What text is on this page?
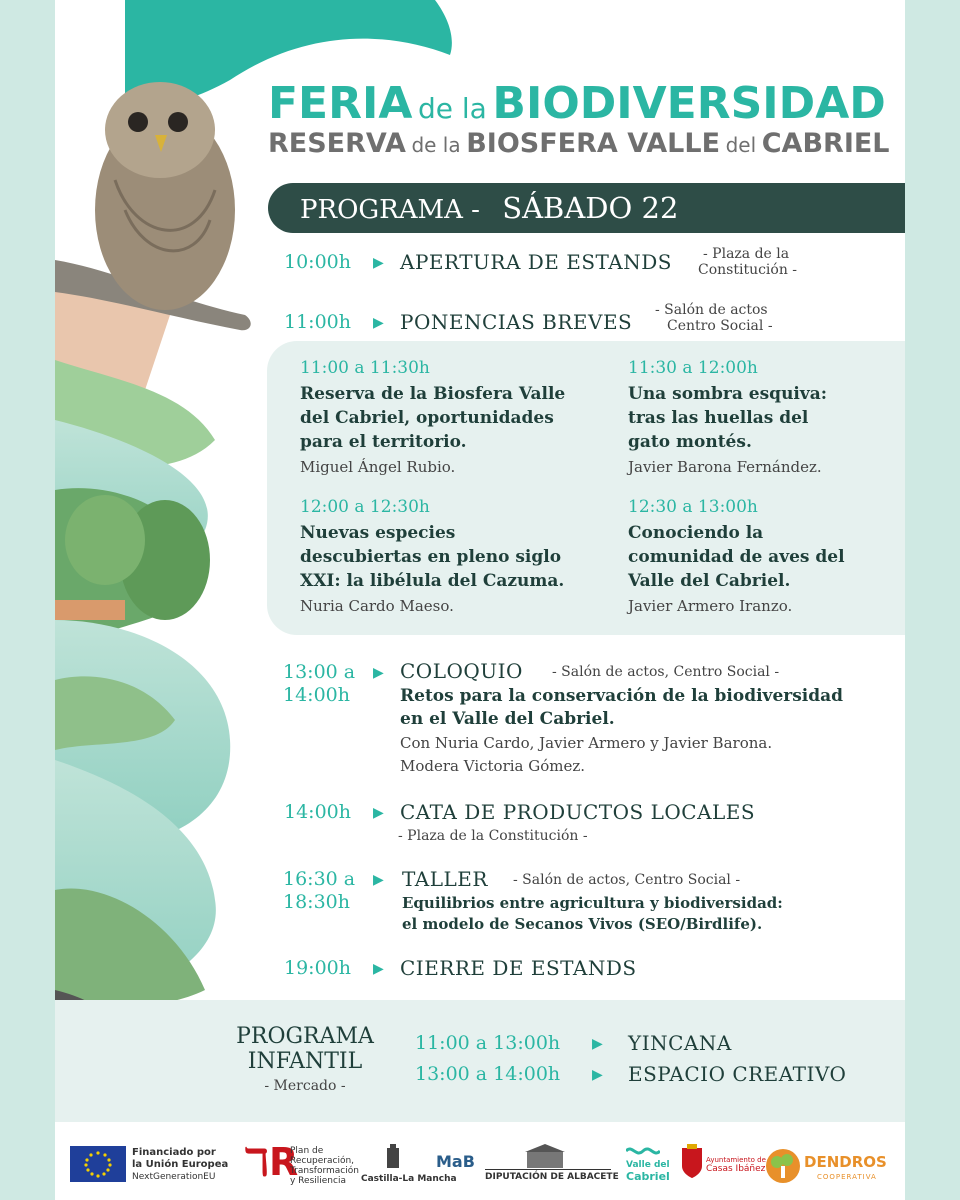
FERIA de la BIODIVERSIDAD
RESERVA de la BIOSFERA VALLE del CABRIEL
PROGRAMA - SÁBADO 22
10:00h ▶ APERTURA DE ESTANDS - Plaza de la
Constitución -
11:00h ▶ PONENCIAS BREVES - Salón de actos
Centro Social -
11:00 a 11:30h
Reserva de la Biosfera Valle
del Cabriel, oportunidades
para el territorio.
Miguel Ángel Rubio.
11:30 a 12:00h
Una sombra esquiva:
tras las huellas del
gato montés.
Javier Barona Fernández.
12:00 a 12:30h
Nuevas especies
descubiertas en pleno siglo
XXI: la libélula del Cazuma.
Nuria Cardo Maeso.
12:30 a 13:00h
Conociendo la
comunidad de aves del
Valle del Cabriel.
Javier Armero Iranzo.
13:00 a
14:00h
▶ COLOQUIO - Salón de actos, Centro Social -
Retos para la conservación de la biodiversidad
en el Valle del Cabriel.
Con Nuria Cardo, Javier Armero y Javier Barona.
Modera Victoria Gómez.
14:00h ▶ CATA DE PRODUCTOS LOCALES
- Plaza de la Constitución -
16:30 a
18:30h
▶ TALLER - Salón de actos, Centro Social -
Equilibrios entre agricultura y biodiversidad:
el modelo de Secanos Vivos (SEO/Birdlife).
19:00h ▶ CIERRE DE ESTANDS
PROGRAMA
INFANTIL
- Mercado -
11:00 a 13:00h ▶ YINCANA
13:00 a 14:00h ▶ ESPACIO CREATIVO
Financiado por
la Unión Europea
NextGenerationEU ℸR
Plan de
Recuperación,
Transformación
y Resiliencia Castilla-La Mancha
MaB
DIPUTACIÓN DE ALBACETE
Valle del
Cabriel
Ayuntamiento de
Casas Ibáñez	DENDROS
COOPERATIVA
